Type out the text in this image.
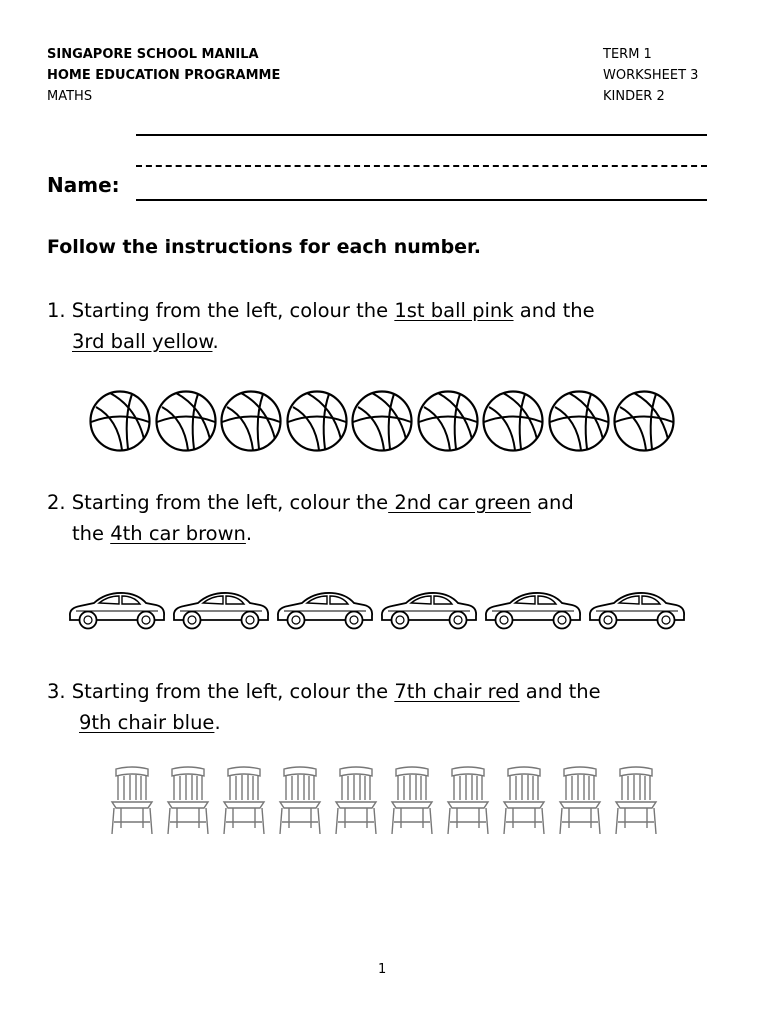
SINGAPORE SCHOOL MANILA
HOME EDUCATION PROGRAMME
MATHS
TERM 1
WORKSHEET 3
KINDER 2
Name:
Follow the instructions for each number.
1. Starting from the left, colour the 1st ball pink and the
3rd ball yellow.
2. Starting from the left, colour the 2nd car green and
the 4th car brown.
3. Starting from the left, colour the 7th chair red and the
9th chair blue.
1
